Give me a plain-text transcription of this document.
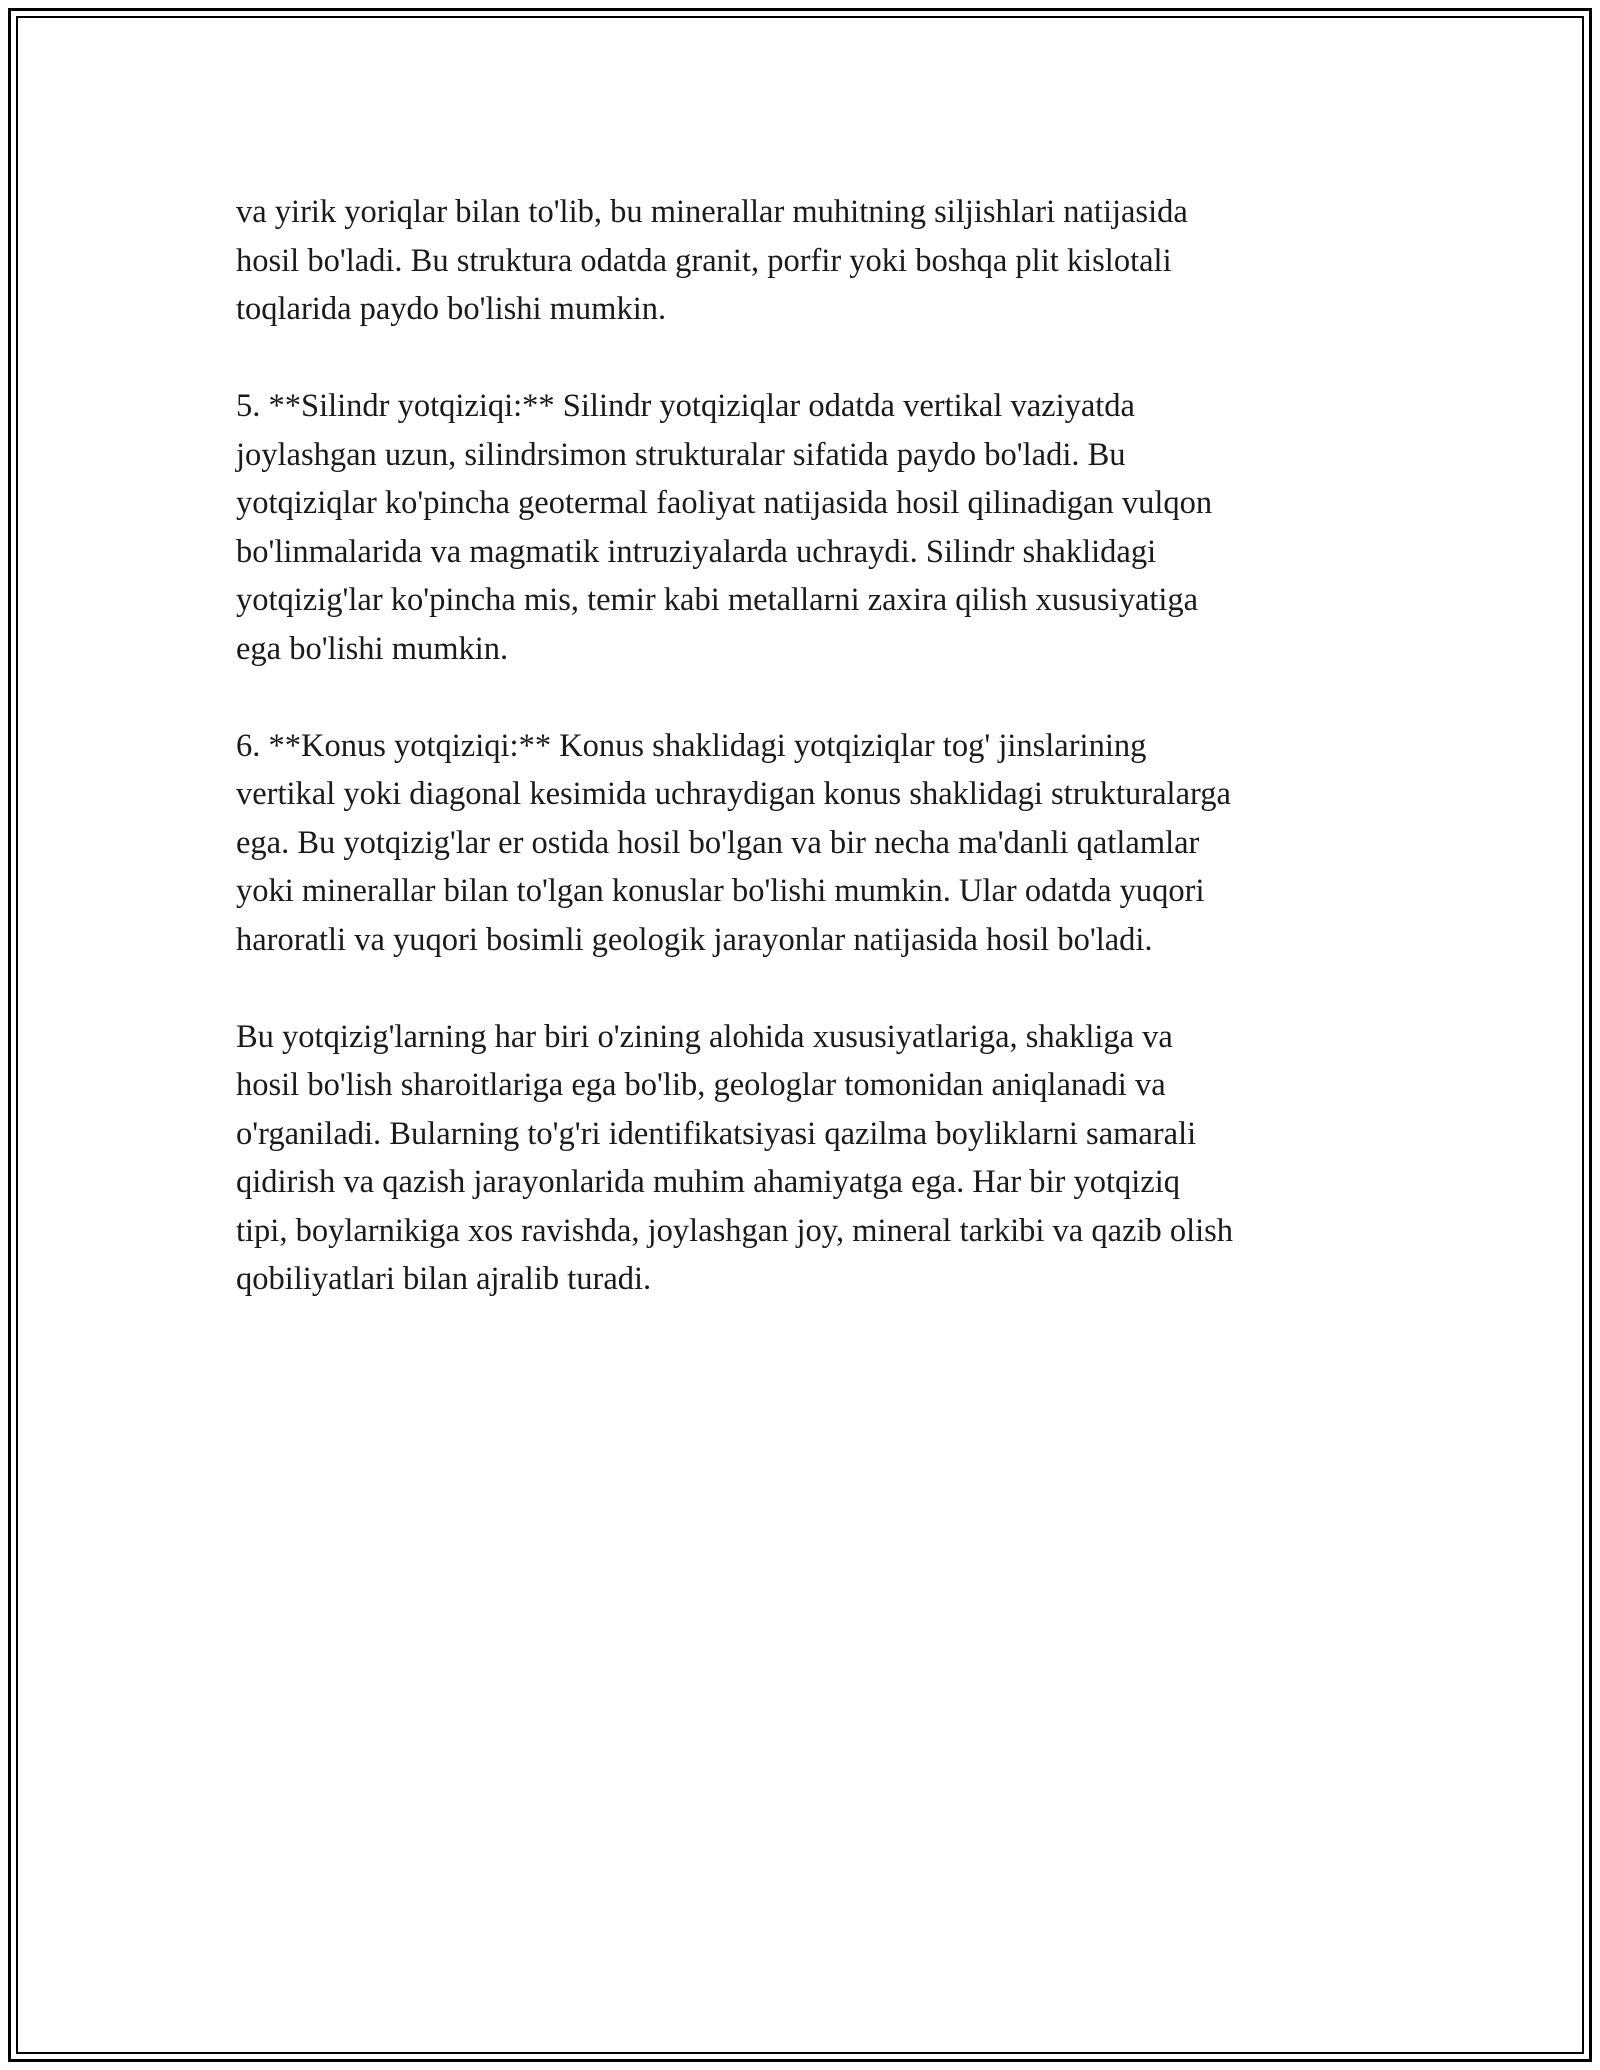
va yirik yoriqlar bilan to'lib, bu minerallar muhitning siljishlari natijasida
hosil bo'ladi. Bu struktura odatda granit, porfir yoki boshqa plit kislotali
toqlarida paydo bo'lishi mumkin.

5. **Silindr yotqiziqi:** Silindr yotqiziqlar odatda vertikal vaziyatda
joylashgan uzun, silindrsimon strukturalar sifatida paydo bo'ladi. Bu
yotqiziqlar ko'pincha geotermal faoliyat natijasida hosil qilinadigan vulqon
bo'linmalarida va magmatik intruziyalarda uchraydi. Silindr shaklidagi
yotqizig'lar ko'pincha mis, temir kabi metallarni zaxira qilish xususiyatiga
ega bo'lishi mumkin.

6. **Konus yotqiziqi:** Konus shaklidagi yotqiziqlar tog' jinslarining
vertikal yoki diagonal kesimida uchraydigan konus shaklidagi strukturalarga
ega. Bu yotqizig'lar er ostida hosil bo'lgan va bir necha ma'danli qatlamlar
yoki minerallar bilan to'lgan konuslar bo'lishi mumkin. Ular odatda yuqori
haroratli va yuqori bosimli geologik jarayonlar natijasida hosil bo'ladi.

Bu yotqizig'larning har biri o'zining alohida xususiyatlariga, shakliga va
hosil bo'lish sharoitlariga ega bo'lib, geologlar tomonidan aniqlanadi va
o'rganiladi. Bularning to'g'ri identifikatsiyasi qazilma boyliklarni samarali
qidirish va qazish jarayonlarida muhim ahamiyatga ega. Har bir yotqiziq
tipi, boylarnikiga xos ravishda, joylashgan joy, mineral tarkibi va qazib olish
qobiliyatlari bilan ajralib turadi.
